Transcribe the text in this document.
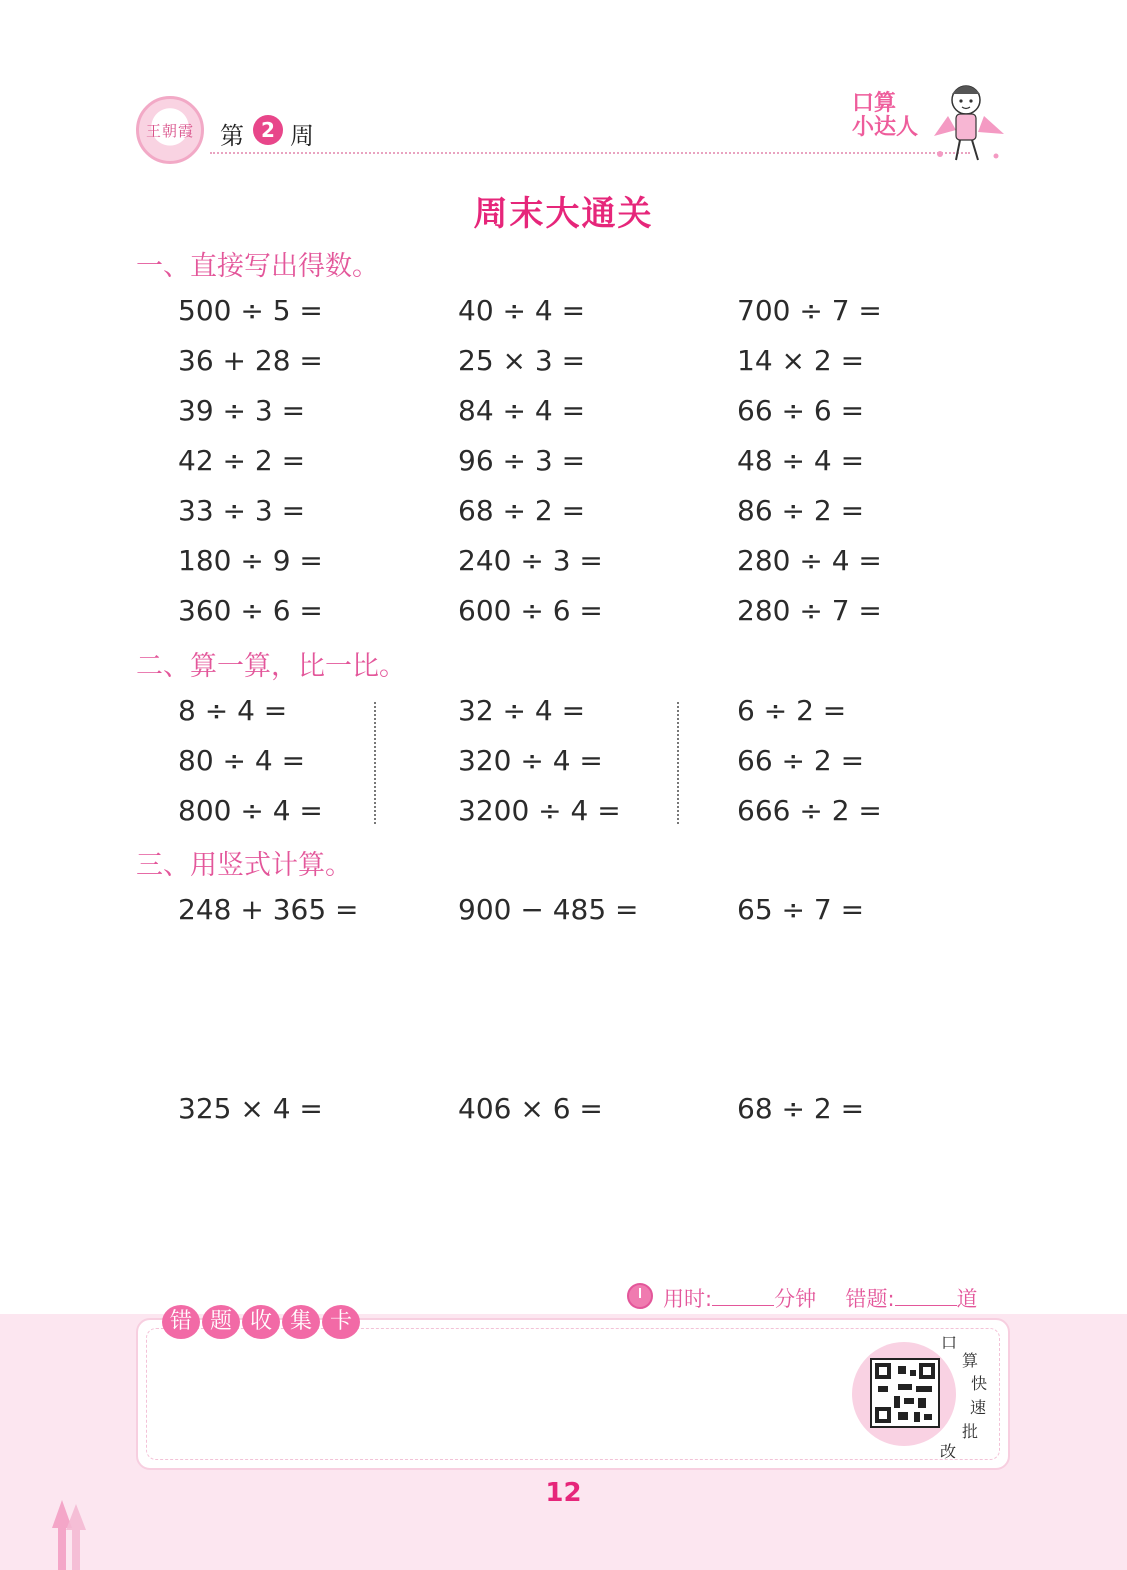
王朝霞	第 2 周
口算
小达人
周末大通关
一、直接写出得数。
500 ÷ 5 =	40 ÷ 4 =	700 ÷ 7 =
36 + 28 =	25 × 3 =	14 × 2 =
39 ÷ 3 =	84 ÷ 4 =	66 ÷ 6 =
42 ÷ 2 =	96 ÷ 3 =	48 ÷ 4 =
33 ÷ 3 =	68 ÷ 2 =	86 ÷ 2 =
180 ÷ 9 =	240 ÷ 3 =	280 ÷ 4 =
360 ÷ 6 =	600 ÷ 6 =	280 ÷ 7 =
二、算一算，比一比。
8 ÷ 4 =	32 ÷ 4 =	6 ÷ 2 =
80 ÷ 4 =	320 ÷ 4 =	66 ÷ 2 =
800 ÷ 4 =	3200 ÷ 4 =	666 ÷ 2 =
三、用竖式计算。
248 + 365 =	900 − 485 =	65 ÷ 7 =
325 × 4 =	406 × 6 =	68 ÷ 2 =
用时:	分钟 错题:	道
错 题 收 集 卡
口
算
快
速
批
改
12
